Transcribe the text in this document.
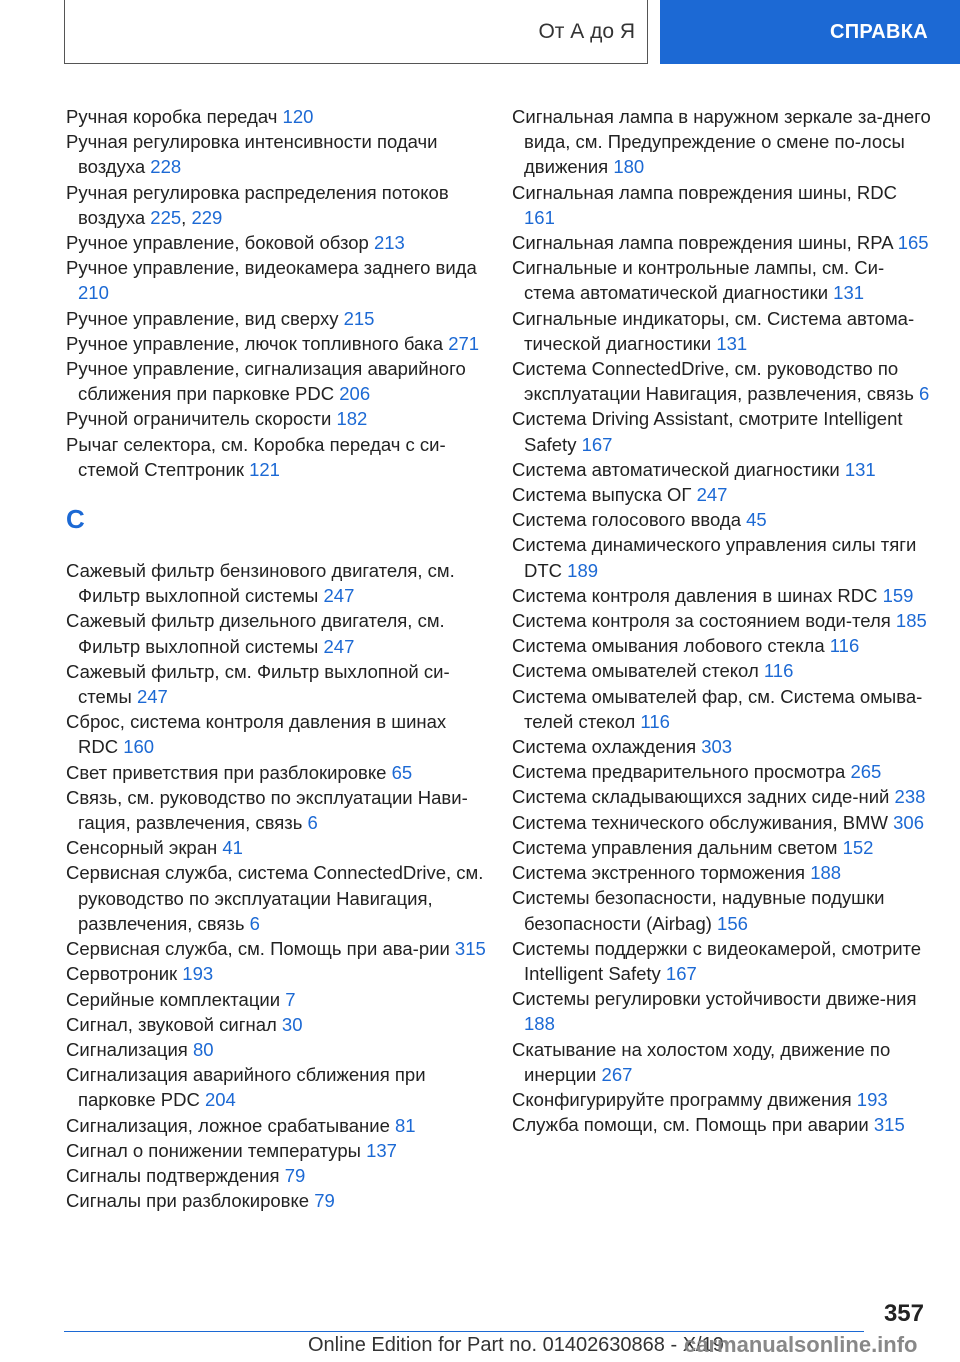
От А до Я	СПРАВКА
Ручная коробка передач 120
Ручная регулировка интенсивности подачи воздуха 228
Ручная регулировка распределения потоков воздуха 225, 229
Ручное управление, боковой обзор 213
Ручное управление, видеокамера заднего вида 210
Ручное управление, вид сверху 215
Ручное управление, лючок топливного бака 271
Ручное управление, сигнализация аварийного сближения при парковке PDC 206
Ручной ограничитель скорости 182
Рычаг селектора, см. Коробка передач с си-стемой Стептроник 121
С
Сажевый фильтр бензинового двигателя, см. Фильтр выхлопной системы 247
Сажевый фильтр дизельного двигателя, см. Фильтр выхлопной системы 247
Сажевый фильтр, см. Фильтр выхлопной си-стемы 247
Сброс, система контроля давления в шинах RDC 160
Свет приветствия при разблокировке 65
Связь, см. руководство по эксплуатации Нави-гация, развлечения, связь 6
Сенсорный экран 41
Сервисная служба, система ConnectedDrive, см. руководство по эксплуатации Навигация, развлечения, связь 6
Сервисная служба, см. Помощь при ава-рии 315
Сервотроник 193
Серийные комплектации 7
Сигнал, звуковой сигнал 30
Сигнализация 80
Сигнализация аварийного сближения при парковке PDC 204
Сигнализация, ложное срабатывание 81
Сигнал о понижении температуры 137
Сигналы подтверждения 79
Сигналы при разблокировке 79
Сигнальная лампа в наружном зеркале за-днего вида, см. Предупреждение о смене по-лосы движения 180
Сигнальная лампа повреждения шины, RDC 161
Сигнальная лампа повреждения шины, RPA 165
Сигнальные и контрольные лампы, см. Си-стема автоматической диагностики 131
Сигнальные индикаторы, см. Система автома-тической диагностики 131
Система ConnectedDrive, см. руководство по эксплуатации Навигация, развлечения, связь 6
Система Driving Assistant, смотрите Intelligent Safety 167
Система автоматической диагностики 131
Система выпуска ОГ 247
Система голосового ввода 45
Система динамического управления силы тяги DTC 189
Система контроля давления в шинах RDC 159
Система контроля за состоянием води-теля 185
Система омывания лобового стекла 116
Система омывателей стекол 116
Система омывателей фар, см. Система омыва-телей стекол 116
Система охлаждения 303
Система предварительного просмотра 265
Система складывающихся задних сиде-ний 238
Система технического обслуживания, BMW 306
Система управления дальним светом 152
Система экстренного торможения 188
Системы безопасности, надувные подушки безопасности (Airbag) 156
Системы поддержки с видеокамерой, смотрите Intelligent Safety 167
Системы регулировки устойчивости движе-ния 188
Скатывание на холостом ходу, движение по инерции 267
Сконфигурируйте программу движения 193
Служба помощи, см. Помощь при аварии 315
357
Online Edition for Part no. 01402630868 - X/19
carmanualsonline.info
